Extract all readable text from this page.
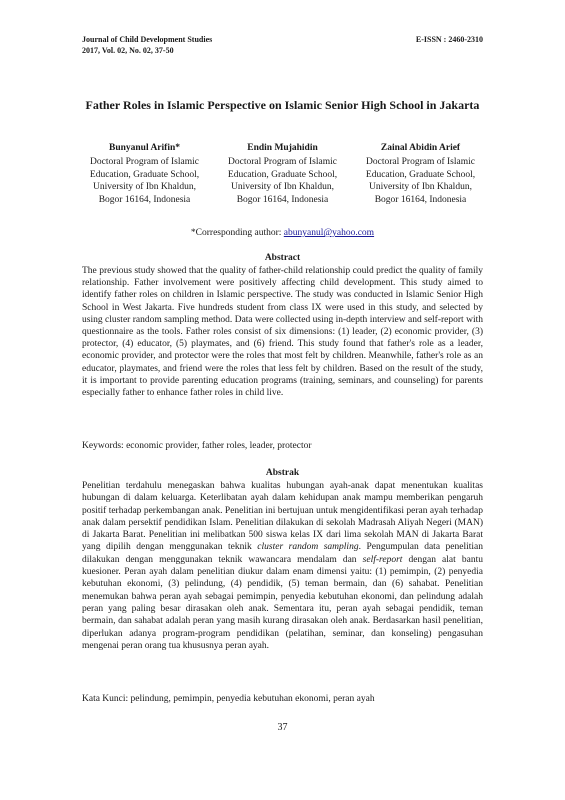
Journal of Child Development Studies
2017, Vol. 02, No. 02, 37-50
E-ISSN : 2460-2310
Father Roles in Islamic Perspective on Islamic Senior High School in Jakarta
Bunyanul Arifin*
Doctoral Program of Islamic Education, Graduate School, University of Ibn Khaldun, Bogor 16164, Indonesia
Endin Mujahidin
Doctoral Program of Islamic Education, Graduate School, University of Ibn Khaldun, Bogor 16164, Indonesia
Zainal Abidin Arief
Doctoral Program of Islamic Education, Graduate School, University of Ibn Khaldun, Bogor 16164, Indonesia
*Corresponding author: abunyanul@yahoo.com
Abstract
The previous study showed that the quality of father-child relationship could predict the quality of family relationship. Father involvement were positively affecting child development. This study aimed to identify father roles on children in Islamic perspective. The study was conducted in Islamic Senior High School in West Jakarta. Five hundreds student from class IX were used in this study, and selected by using cluster random sampling method. Data were collected using in-depth interview and self-report with questionnaire as the tools. Father roles consist of six dimensions: (1) leader, (2) economic provider, (3) protector, (4) educator, (5) playmates, and (6) friend. This study found that father's role as a leader, economic provider, and protector were the roles that most felt by children. Meanwhile, father's role as an educator, playmates, and friend were the roles that less felt by children. Based on the result of the study, it is important to provide parenting education programs (training, seminars, and counseling) for parents especially father to enhance father roles in child live.
Keywords: economic provider, father roles, leader, protector
Abstrak
Penelitian terdahulu menegaskan bahwa kualitas hubungan ayah-anak dapat menentukan kualitas hubungan di dalam keluarga. Keterlibatan ayah dalam kehidupan anak mampu memberikan pengaruh positif terhadap perkembangan anak. Penelitian ini bertujuan untuk mengidentifikasi peran ayah terhadap anak dalam persektif pendidikan Islam. Penelitian dilakukan di sekolah Madrasah Aliyah Negeri (MAN) di Jakarta Barat. Penelitian ini melibatkan 500 siswa kelas IX dari lima sekolah MAN di Jakarta Barat yang dipilih dengan menggunakan teknik cluster random sampling. Pengumpulan data penelitian dilakukan dengan menggunakan teknik wawancara mendalam dan self-report dengan alat bantu kuesioner. Peran ayah dalam penelitian diukur dalam enam dimensi yaitu: (1) pemimpin, (2) penyedia kebutuhan ekonomi, (3) pelindung, (4) pendidik, (5) teman bermain, dan (6) sahabat. Penelitian menemukan bahwa peran ayah sebagai pemimpin, penyedia kebutuhan ekonomi, dan pelindung adalah peran yang paling besar dirasakan oleh anak. Sementara itu, peran ayah sebagai pendidik, teman bermain, dan sahabat adalah peran yang masih kurang dirasakan oleh anak. Berdasarkan hasil penelitian, diperlukan adanya program-program pendidikan (pelatihan, seminar, dan konseling) pengasuhan mengenai peran orang tua khususnya peran ayah.
Kata Kunci: pelindung, pemimpin, penyedia kebutuhan ekonomi, peran ayah
37
